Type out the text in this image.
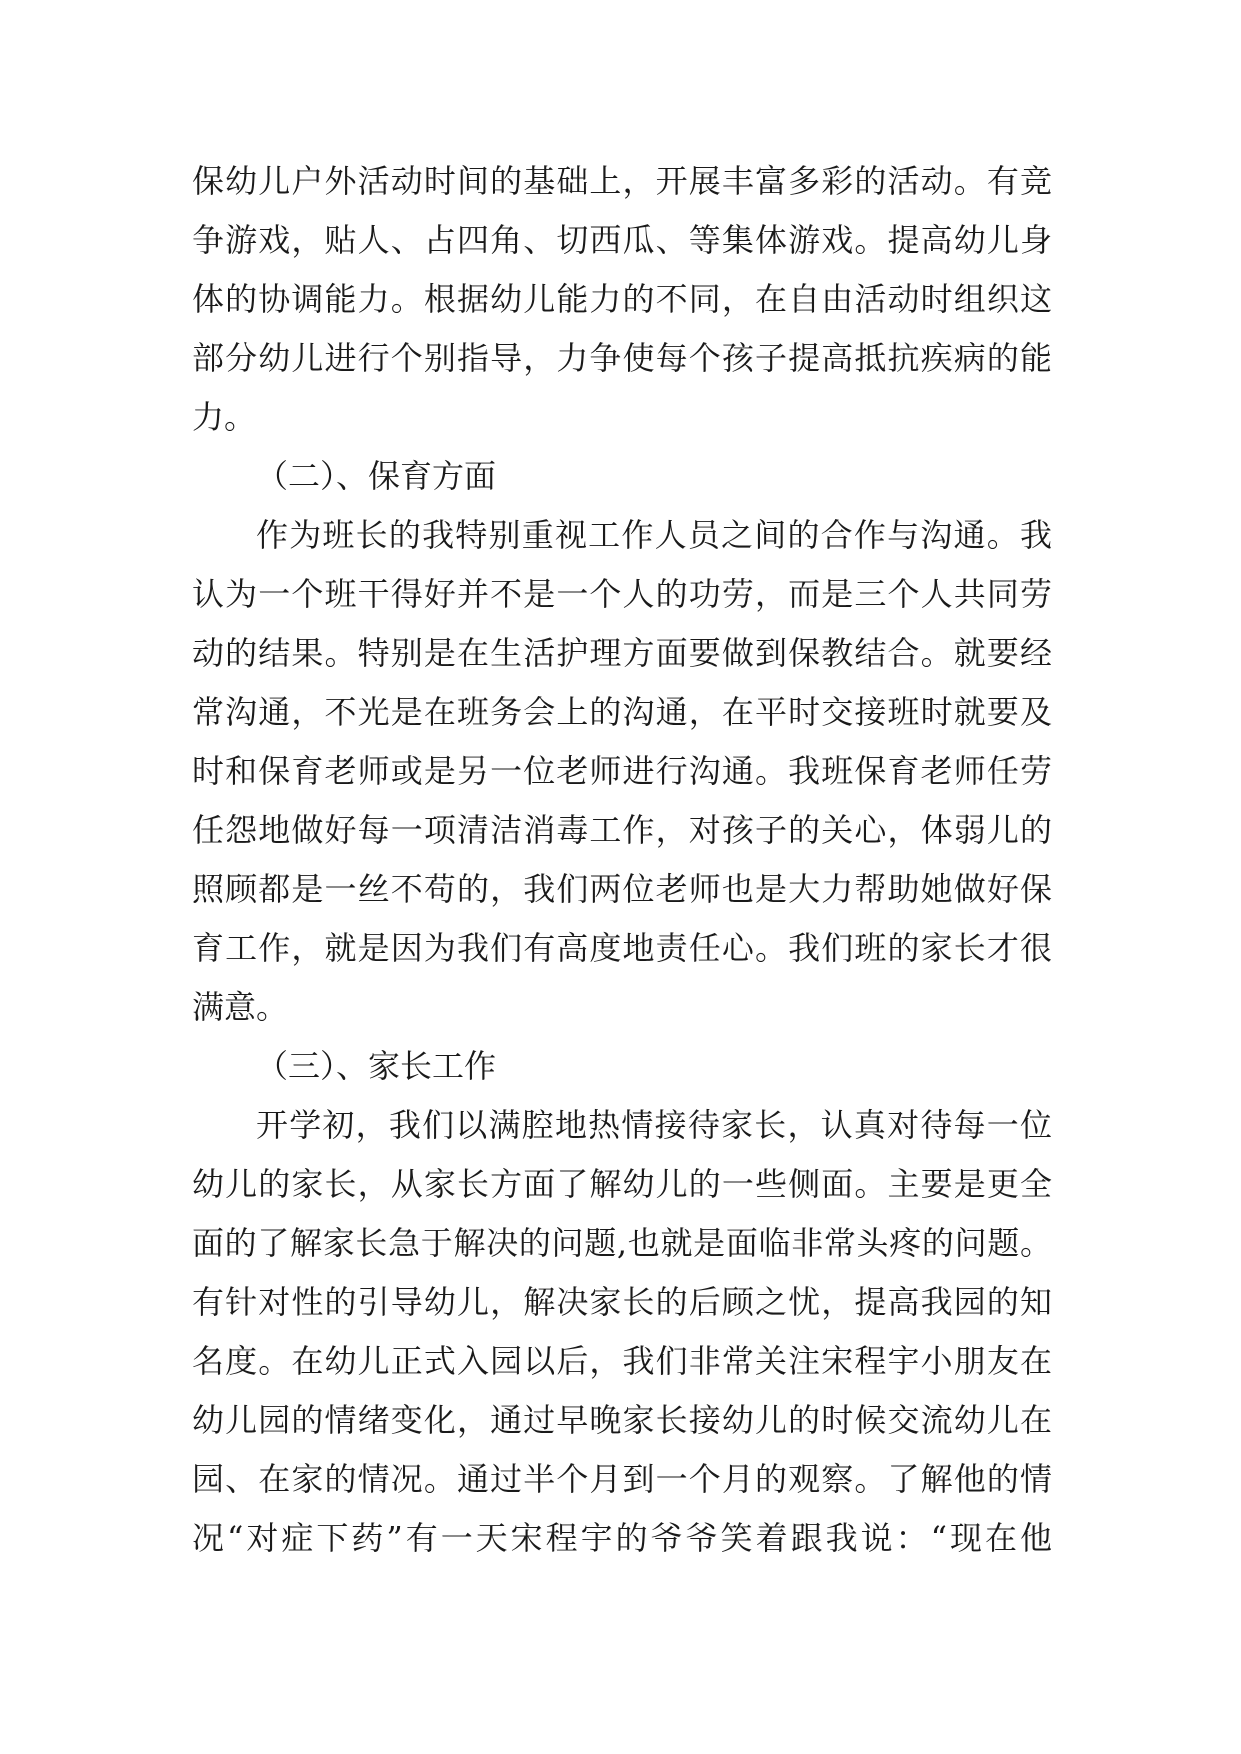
保幼儿户外活动时间的基础上，开展丰富多彩的活动。有竞
争游戏，贴人、占四角、切西瓜、等集体游戏。提高幼儿身
体的协调能力。根据幼儿能力的不同，在自由活动时组织这
部分幼儿进行个别指导，力争使每个孩子提高抵抗疾病的能
力。
（二）、保育方面
作为班长的我特别重视工作人员之间的合作与沟通。我
认为一个班干得好并不是一个人的功劳，而是三个人共同劳
动的结果。特别是在生活护理方面要做到保教结合。就要经
常沟通，不光是在班务会上的沟通，在平时交接班时就要及
时和保育老师或是另一位老师进行沟通。我班保育老师任劳
任怨地做好每一项清洁消毒工作，对孩子的关心，体弱儿的
照顾都是一丝不苟的，我们两位老师也是大力帮助她做好保
育工作，就是因为我们有高度地责任心。我们班的家长才很
满意。
（三）、家长工作
开学初，我们以满腔地热情接待家长，认真对待每一位
幼儿的家长，从家长方面了解幼儿的一些侧面。主要是更全
面的了解家长急于解决的问题,也就是面临非常头疼的问题。
有针对性的引导幼儿，解决家长的后顾之忧，提高我园的知
名度。在幼儿正式入园以后，我们非常关注宋程宇小朋友在
幼儿园的情绪变化，通过早晚家长接幼儿的时候交流幼儿在
园、在家的情况。通过半个月到一个月的观察。了解他的情
况“对症下药”有一天宋程宇的爷爷笑着跟我说：“现在他
